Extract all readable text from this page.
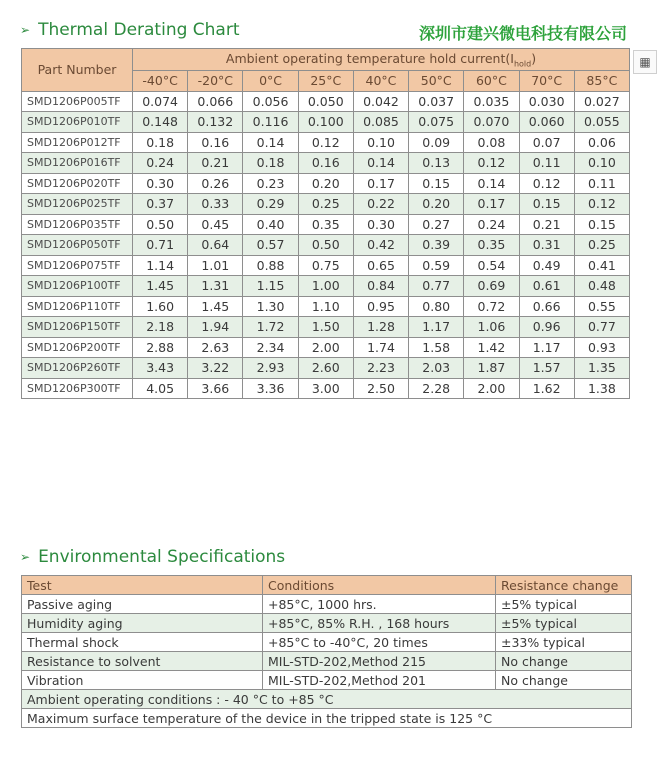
➢ Thermal Derating Chart	深圳市建兴微电科技有限公司
▦
Part Number	Ambient operating temperature hold $current(I_{hold})$								
	-40°C	-20°C	0°C	25°C	40°C	50°C	60°C	70°C	85°C
SMD1206P005TF	0.074	0.066	0.056	0.050	0.042	0.037	0.035	0.030	0.027
SMD1206P010TF	0.148	0.132	0.116	0.100	0.085	0.075	0.070	0.060	0.055
SMD1206P012TF	0.18	0.16	0.14	0.12	0.10	0.09	0.08	0.07	0.06
SMD1206P016TF	0.24	0.21	0.18	0.16	0.14	0.13	0.12	0.11	0.10
SMD1206P020TF	0.30	0.26	0.23	0.20	0.17	0.15	0.14	0.12	0.11
SMD1206P025TF	0.37	0.33	0.29	0.25	0.22	0.20	0.17	0.15	0.12
SMD1206P035TF	0.50	0.45	0.40	0.35	0.30	0.27	0.24	0.21	0.15
SMD1206P050TF	0.71	0.64	0.57	0.50	0.42	0.39	0.35	0.31	0.25
SMD1206P075TF	1.14	1.01	0.88	0.75	0.65	0.59	0.54	0.49	0.41
SMD1206P100TF	1.45	1.31	1.15	1.00	0.84	0.77	0.69	0.61	0.48
SMD1206P110TF	1.60	1.45	1.30	1.10	0.95	0.80	0.72	0.66	0.55
SMD1206P150TF	2.18	1.94	1.72	1.50	1.28	1.17	1.06	0.96	0.77
SMD1206P200TF	2.88	2.63	2.34	2.00	1.74	1.58	1.42	1.17	0.93
SMD1206P260TF	3.43	3.22	2.93	2.60	2.23	2.03	1.87	1.57	1.35
SMD1206P300TF	4.05	3.66	3.36	3.00	2.50	2.28	2.00	1.62	1.38
➢ Environmental Specifications
Test	Conditions	Resistance change
Passive aging	+85°C, 1000 hrs.	±5% typical
Humidity aging	+85°C, 85% R.H. , 168 hours	±5% typical
Thermal shock	+85°C to -40°C, 20 times	±33% typical
Resistance to solvent	MIL-STD-202,Method 215	No change
Vibration	MIL-STD-202,Method 201	No change
Ambient operating conditions : - 40 °C to +85 °C		
Maximum surface temperature of the device in the tripped state is 125 °C		
